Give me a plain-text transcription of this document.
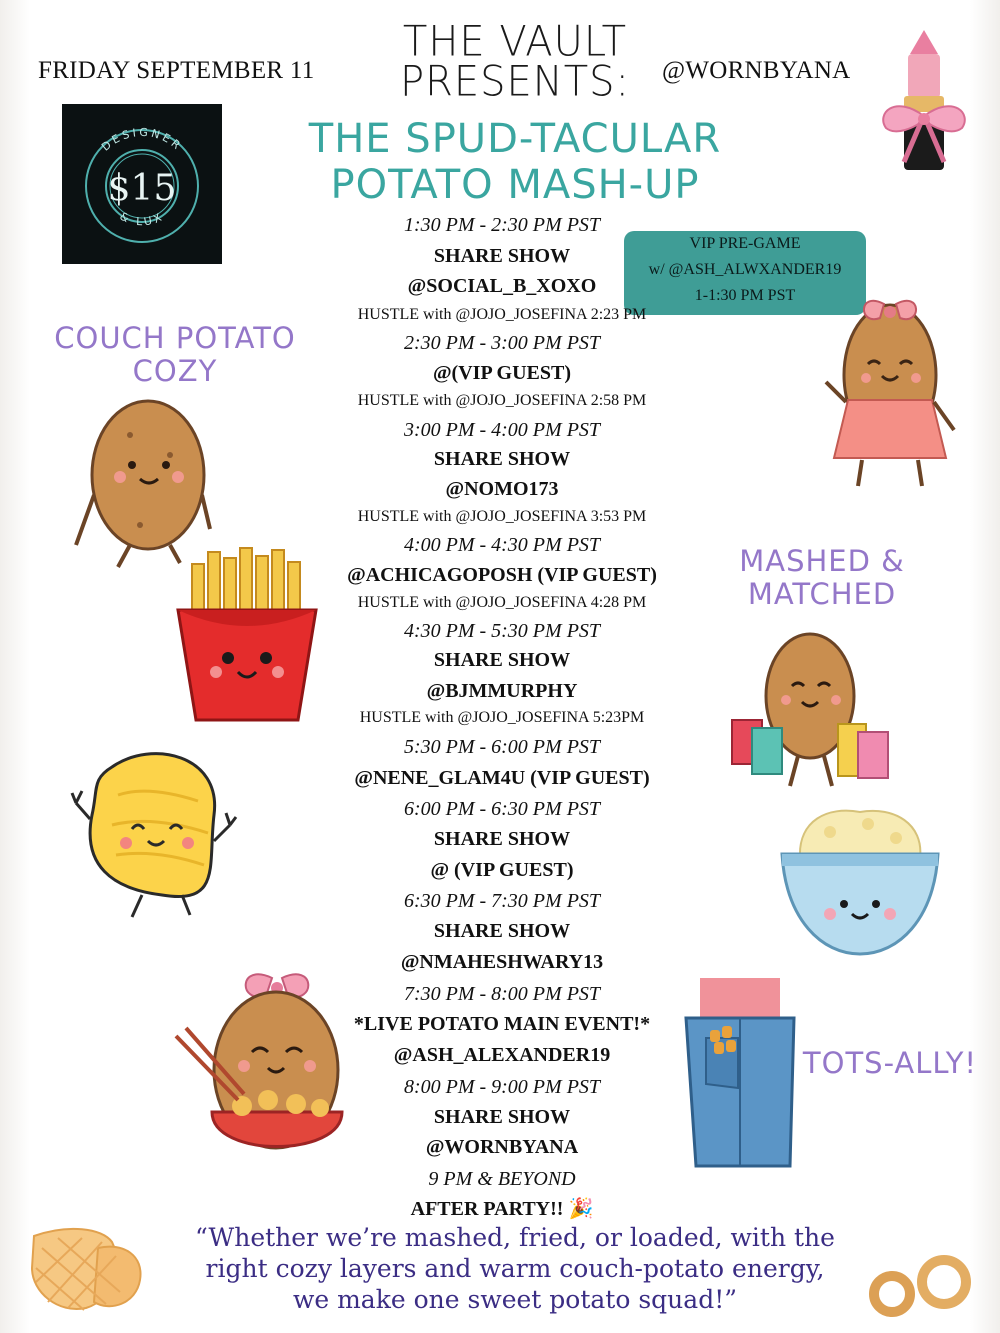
FRIDAY SEPTEMBER 11	@WORNBYANA
THE VAULT
PRESENTS:
THE SPUD-TACULAR
POTATO MASH-UP
DESIGNER
& LUX
$15
VIP PRE-GAME
w/ @ASH_ALWXANDER19
1-1:30 PM PST
COUCH POTATO
COZY
MASHED &
MATCHED
TOTS-ALLY!
1:30 PM - 2:30 PM PST
SHARE SHOW
@SOCIAL_B_XOXO
HUSTLE with @JOJO_JOSEFINA 2:23 PM
2:30 PM - 3:00 PM PST
@(VIP GUEST)
HUSTLE with @JOJO_JOSEFINA 2:58 PM
3:00 PM - 4:00 PM PST
SHARE SHOW
@NOMO173
HUSTLE with @JOJO_JOSEFINA 3:53 PM
4:00 PM - 4:30 PM PST
@ACHICAGOPOSH (VIP GUEST)
HUSTLE with @JOJO_JOSEFINA 4:28 PM
4:30 PM - 5:30 PM PST
SHARE SHOW
@BJMMURPHY
HUSTLE with @JOJO_JOSEFINA 5:23PM
5:30 PM - 6:00 PM PST
@NENE_GLAM4U (VIP GUEST)
6:00 PM - 6:30 PM PST
SHARE SHOW
@ (VIP GUEST)
6:30 PM - 7:30 PM PST
SHARE SHOW
@NMAHESHWARY13
7:30 PM - 8:00 PM PST
*LIVE POTATO MAIN EVENT!*
@ASH_ALEXANDER19
8:00 PM - 9:00 PM PST
SHARE SHOW
@WORNBYANA
9 PM & BEYOND
AFTER PARTY!! 🎉
“Whether we’re mashed, fried, or loaded, with the
right cozy layers and warm couch-potato energy,
we make one sweet potato squad!”
